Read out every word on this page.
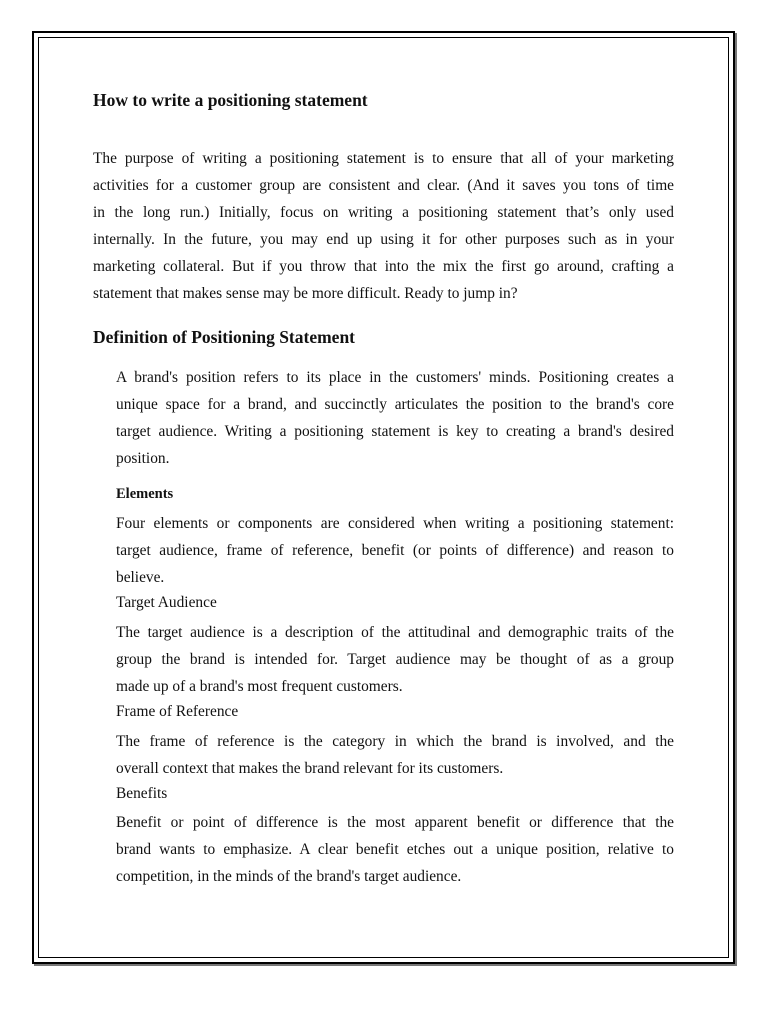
How to write a positioning statement
The purpose of writing a positioning statement is to ensure that all of your marketing
activities for a customer group are consistent and clear. (And it saves you tons of time
in the long run.) Initially, focus on writing a positioning statement that’s only used
internally. In the future, you may end up using it for other purposes such as in your
marketing collateral. But if you throw that into the mix the first go around, crafting a
statement that makes sense may be more difficult. Ready to jump in?
Definition of Positioning Statement
A brand's position refers to its place in the customers' minds. Positioning creates a
unique space for a brand, and succinctly articulates the position to the brand's core
target audience. Writing a positioning statement is key to creating a brand's desired
position.

Elements

Four elements or components are considered when writing a positioning statement:
target audience, frame of reference, benefit (or points of difference) and reason to
believe.

Target Audience

The target audience is a description of the attitudinal and demographic traits of the
group the brand is intended for. Target audience may be thought of as a group
made up of a brand's most frequent customers.

Frame of Reference

The frame of reference is the category in which the brand is involved, and the
overall context that makes the brand relevant for its customers.

Benefits

Benefit or point of difference is the most apparent benefit or difference that the
brand wants to emphasize. A clear benefit etches out a unique position, relative to
competition, in the minds of the brand's target audience.
